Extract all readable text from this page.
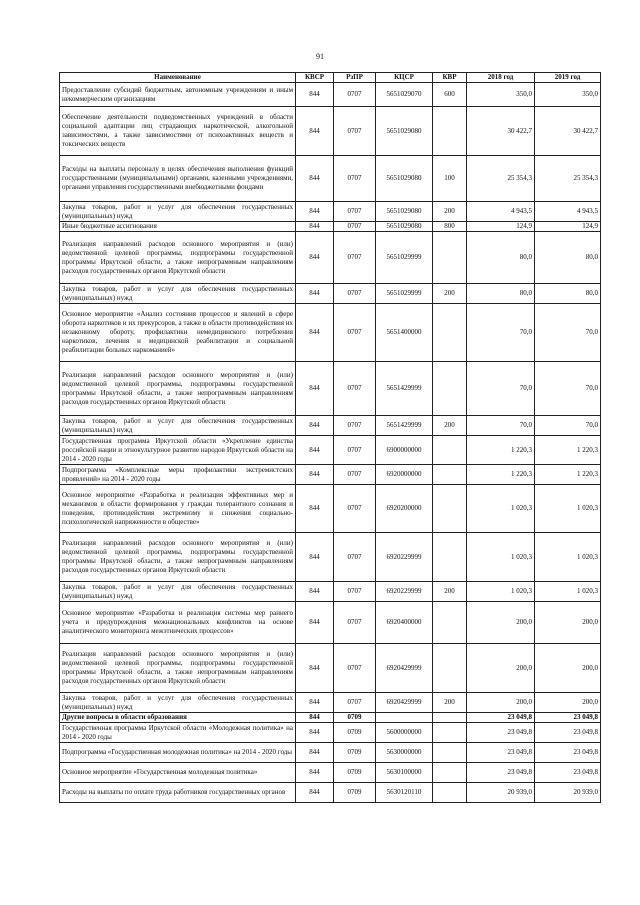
91
Наименование	КВСР	РзПР	КЦСР	КВР	2018 год	2019 год
Предоставление субсидий бюджетным, автономным учреждениям и иным некоммерческим организациям	844	0707	5651029070	600	350,0	350,0
Обеспечение деятельности подведомственных учреждений в области социальной адаптации лиц страдающих наркотической, алкогольной зависимостями, а также зависимостями от психоактивных веществ и токсических веществ	844	0707	5651029080		30 422,7	30 422,7
Расходы на выплаты персоналу в целях обеспечения выполнения функций государственными (муниципальными) органами, казенными учреждениями, органами управления государственными внебюджетными фондами	844	0707	5651029080	100	25 354,3	25 354,3
Закупка товаров, работ и услуг для обеспечения государственных (муниципальных) нужд	844	0707	5651029080	200	4 943,5	4 943,5
Иные бюджетные ассигнования	844	0707	5651029080	800	124,9	124,9
Реализация направлений расходов основного мероприятия и (или) ведомственной целевой программы, подпрограммы государственной программы Иркутской области, а также непрограммным направлениям расходов государственных органов Иркутской области	844	0707	5651029999		80,0	80,0
Закупка товаров, работ и услуг для обеспечения государственных (муниципальных) нужд	844	0707	5651029999	200	80,0	80,0
Основное мероприятие «Анализ состояния процессов и явлений в сфере оборота наркотиков и их прекурсоров, а также в области противодействия их незаконному обороту, профилактики немедицинского потребления наркотиков, лечения и медицинской реабилитации и социальной реабилитации больных наркоманией»	844	0707	5651400000		70,0	70,0
Реализация направлений расходов основного мероприятия и (или) ведомственной целевой программы, подпрограммы государственной программы Иркутской области, а также непрограммным направлениям расходов государственных органов Иркутской области	844	0707	5651429999		70,0	70,0
Закупка товаров, работ и услуг для обеспечения государственных (муниципальных) нужд	844	0707	5651429999	200	70,0	70,0
Государственная программа Иркутской области «Укрепление единства российской нации и этнокультурное развитие народов Иркутской области на 2014 - 2020 годы	844	0707	6900000000		1 220,3	1 220,3
Подпрограмма «Комплексные меры профилактики экстремистских проявлений» на 2014 - 2020 годы	844	0707	6920000000		1 220,3	1 220,3
Основное мероприятие «Разработка и реализация эффективных мер и механизмов в области формирования у граждан толерантного сознания и поведения, противодействия экстремизму и снижения социально-психологической напряженности в обществе»	844	0707	6920200000		1 020,3	1 020,3
Реализация направлений расходов основного мероприятия и (или) ведомственной целевой программы, подпрограммы государственной программы Иркутской области, а также непрограммным направлениям расходов государственных органов Иркутской области	844	0707	6920229999		1 020,3	1 020,3
Закупка товаров, работ и услуг для обеспечения государственных (муниципальных) нужд	844	0707	6920229999	200	1 020,3	1 020,3
Основное мероприятие «Разработка и реализация системы мер раннего учета и предупреждения межнациональных конфликтов на основе аналитического мониторинга межэтнических процессов»	844	0707	6920400000		200,0	200,0
Реализация направлений расходов основного мероприятия и (или) ведомственной целевой программы, подпрограммы государственной программы Иркутской области, а также непрограммным направлениям расходов государственных органов Иркутской области	844	0707	6920429999		200,0	200,0
Закупка товаров, работ и услуг для обеспечения государственных (муниципальных) нужд	844	0707	6920429999	200	200,0	200,0
Другие вопросы в области образования	844	0709			23 049,8	23 049,8
Государственная программа Иркутской области «Молодежная политика» на 2014 - 2020 годы	844	0709	5600000000		23 049,8	23 049,8
Подпрограмма «Государственная молодежная политика» на 2014 - 2020 годы	844	0709	5630000000		23 049,8	23 049,8
Основное мероприятие «Государственная молодежная политика»	844	0709	5630100000		23 049,8	23 049,8
Расходы на выплаты по оплате труда работников государственных органов	844	0709	5630120110		20 939,0	20 939,0
